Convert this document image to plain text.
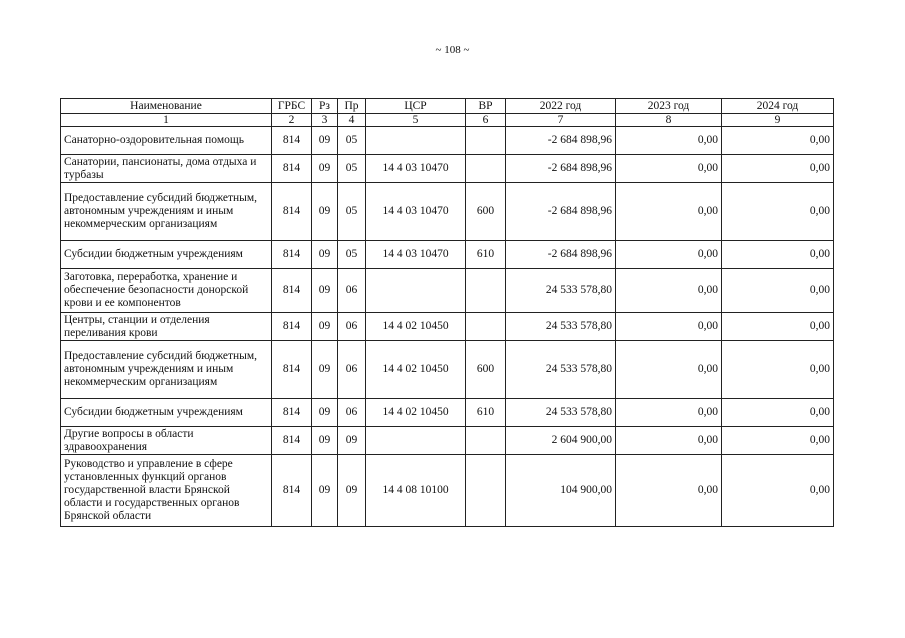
~ 108 ~
Наименование	ГРБС	Рз	Пр	ЦСР	ВР	2022 год	2023 год	2024 год
1	2	3	4	5	6	7	8	9
Санаторно-оздоровительная помощь	814	09	05			-2 684 898,96	0,00	0,00
Санатории, пансионаты, дома отдыха и турбазы	814	09	05	14 4 03 10470		-2 684 898,96	0,00	0,00
Предоставление субсидий бюджетным, автономным учреждениям и иным некоммерческим организациям	814	09	05	14 4 03 10470	600	-2 684 898,96	0,00	0,00
Субсидии бюджетным учреждениям	814	09	05	14 4 03 10470	610	-2 684 898,96	0,00	0,00
Заготовка, переработка, хранение и обеспечение безопасности донорской крови и ее компонентов	814	09	06			24 533 578,80	0,00	0,00
Центры, станции и отделения переливания крови	814	09	06	14 4 02 10450		24 533 578,80	0,00	0,00
Предоставление субсидий бюджетным, автономным учреждениям и иным некоммерческим организациям	814	09	06	14 4 02 10450	600	24 533 578,80	0,00	0,00
Субсидии бюджетным учреждениям	814	09	06	14 4 02 10450	610	24 533 578,80	0,00	0,00
Другие вопросы в области здравоохранения	814	09	09			2 604 900,00	0,00	0,00
Руководство и управление в сфере установленных функций органов государственной власти Брянской области и государственных органов Брянской области	814	09	09	14 4 08 10100		104 900,00	0,00	0,00
